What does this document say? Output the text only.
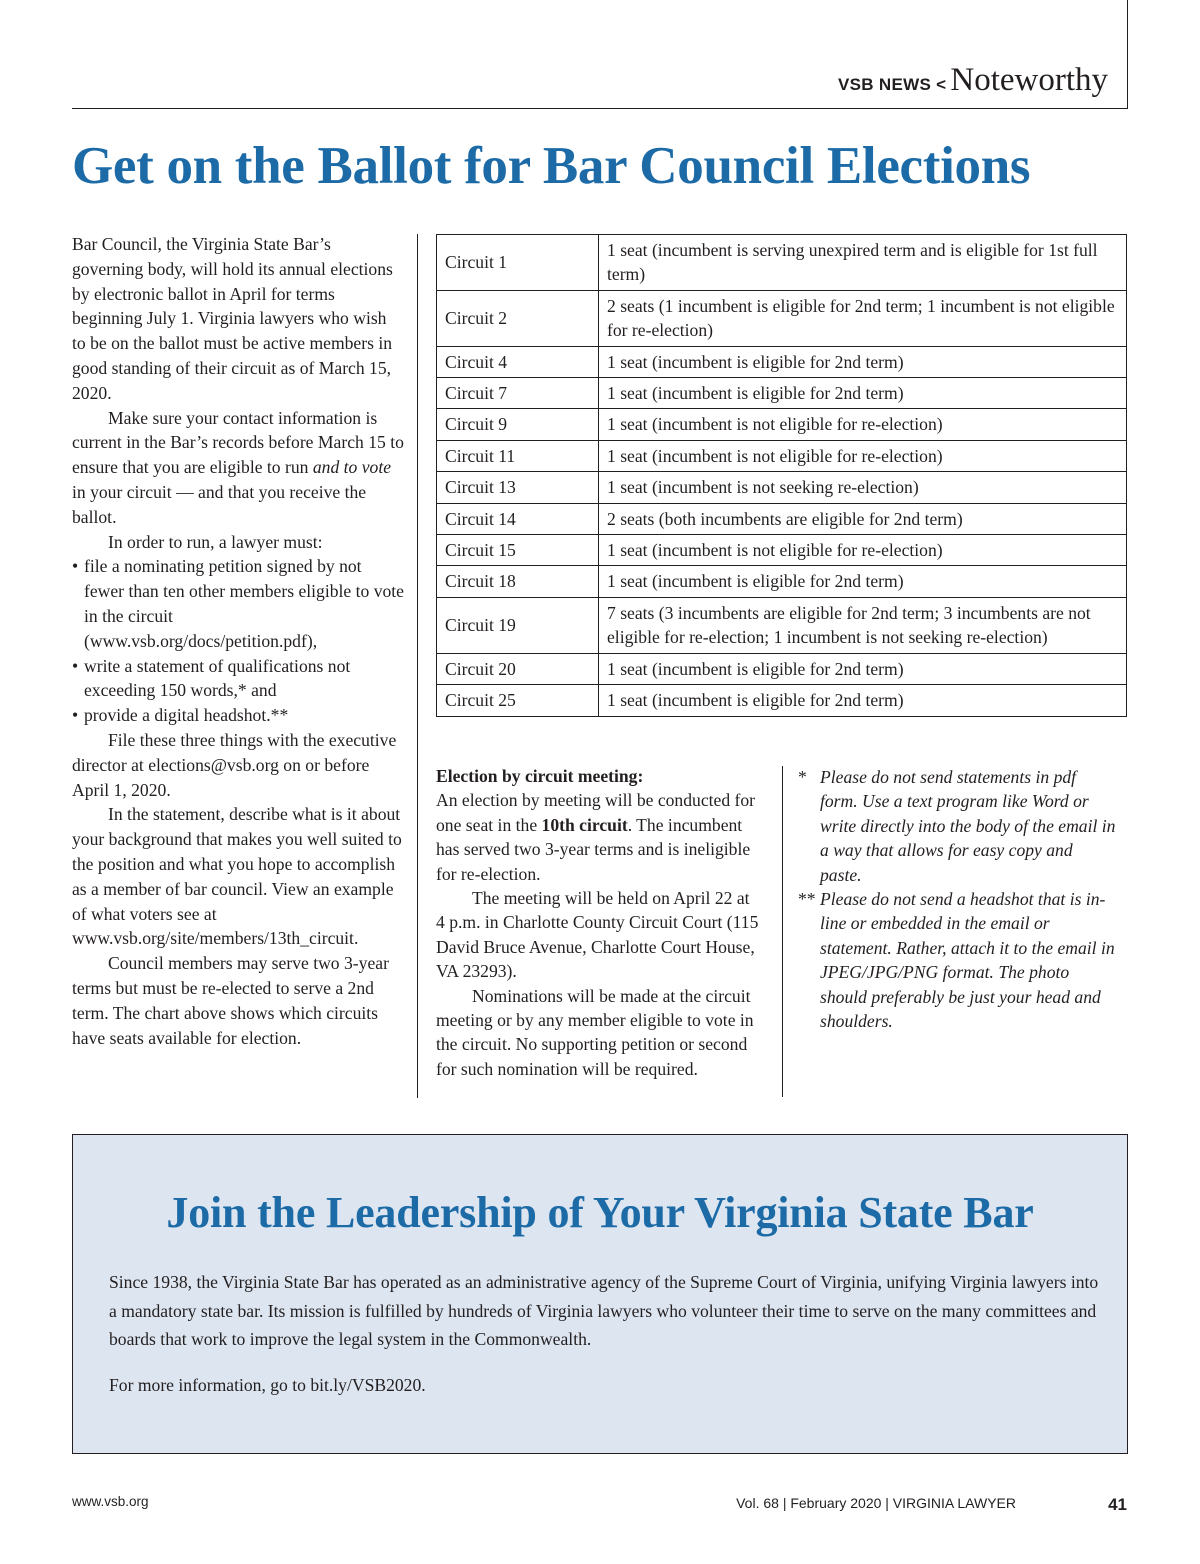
VSB NEWS < Noteworthy
Get on the Ballot for Bar Council Elections

Bar Council, the Virginia State Bar’s governing body, will hold its annual elections by electronic ballot in April for terms beginning July 1. Virginia lawyers who wish to be on the ballot must be active members in good standing of their circuit as of March 15, 2020.

Make sure your contact information is current in the Bar’s records before March 15 to ensure that you are eligible to run and to vote in your circuit — and that you receive the ballot.

In order to run, a lawyer must:

• file a nominating petition signed by not fewer than ten other members eligible to vote in the circuit (www.vsb.org/docs/petition.pdf),
• write a statement of qualifications not exceeding 150 words,* and
• provide a digital headshot.**

File these three things with the executive director at elections@vsb.org on or before April 1, 2020.

In the statement, describe what is it about your background that makes you well suited to the position and what you hope to accomplish as a member of bar council. View an example of what voters see at www.vsb.org/site/members/13th_circuit.

Council members may serve two 3-year terms but must be re-elected to serve a 2nd term. The chart above shows which circuits have seats available for election.

Circuit 1	1 seat (incumbent is serving unexpired term and is eligible for 1st full term)
Circuit 2	2 seats (1 incumbent is eligible for 2nd term; 1 incumbent is not eligible for re-election)
Circuit 4	1 seat (incumbent is eligible for 2nd term)
Circuit 7	1 seat (incumbent is eligible for 2nd term)
Circuit 9	1 seat (incumbent is not eligible for re-election)
Circuit 11	1 seat (incumbent is not eligible for re-election)
Circuit 13	1 seat (incumbent is not seeking re-election)
Circuit 14	2 seats (both incumbents are eligible for 2nd term)
Circuit 15	1 seat (incumbent is not eligible for re-election)
Circuit 18	1 seat (incumbent is eligible for 2nd term)
Circuit 19	7 seats (3 incumbents are eligible for 2nd term; 3 incumbents are not eligible for re-election; 1 incumbent is not seeking re-election)
Circuit 20	1 seat (incumbent is eligible for 2nd term)
Circuit 25	1 seat (incumbent is eligible for 2nd term)

Election by circuit meeting:

An election by meeting will be conducted for one seat in the 10th circuit. The incumbent has served two 3-year terms and is ineligible for re-election.

The meeting will be held on April 22 at 4 p.m. in Charlotte County Circuit Court (115 David Bruce Avenue, Charlotte Court House, VA 23293).

Nominations will be made at the circuit meeting or by any member eligible to vote in the circuit. No supporting petition or second for such nomination will be required.

* Please do not send statements in pdf form. Use a text program like Word or write directly into the body of the email in a way that allows for easy copy and paste.
** Please do not send a headshot that is in-line or embedded in the email or statement. Rather, attach it to the email in JPEG/JPG/PNG format. The photo should preferably be just your head and shoulders.
Join the Leadership of Your Virginia State Bar

Since 1938, the Virginia State Bar has operated as an administrative agency of the Supreme Court of Virginia, unifying Virginia lawyers into a mandatory state bar. Its mission is fulfilled by hundreds of Virginia lawyers who volunteer their time to serve on the many committees and boards that work to improve the legal system in the Commonwealth.

For more information, go to bit.ly/VSB2020.

www.vsb.org	Vol. 68 | February 2020 | VIRGINIA LAWYER	41
